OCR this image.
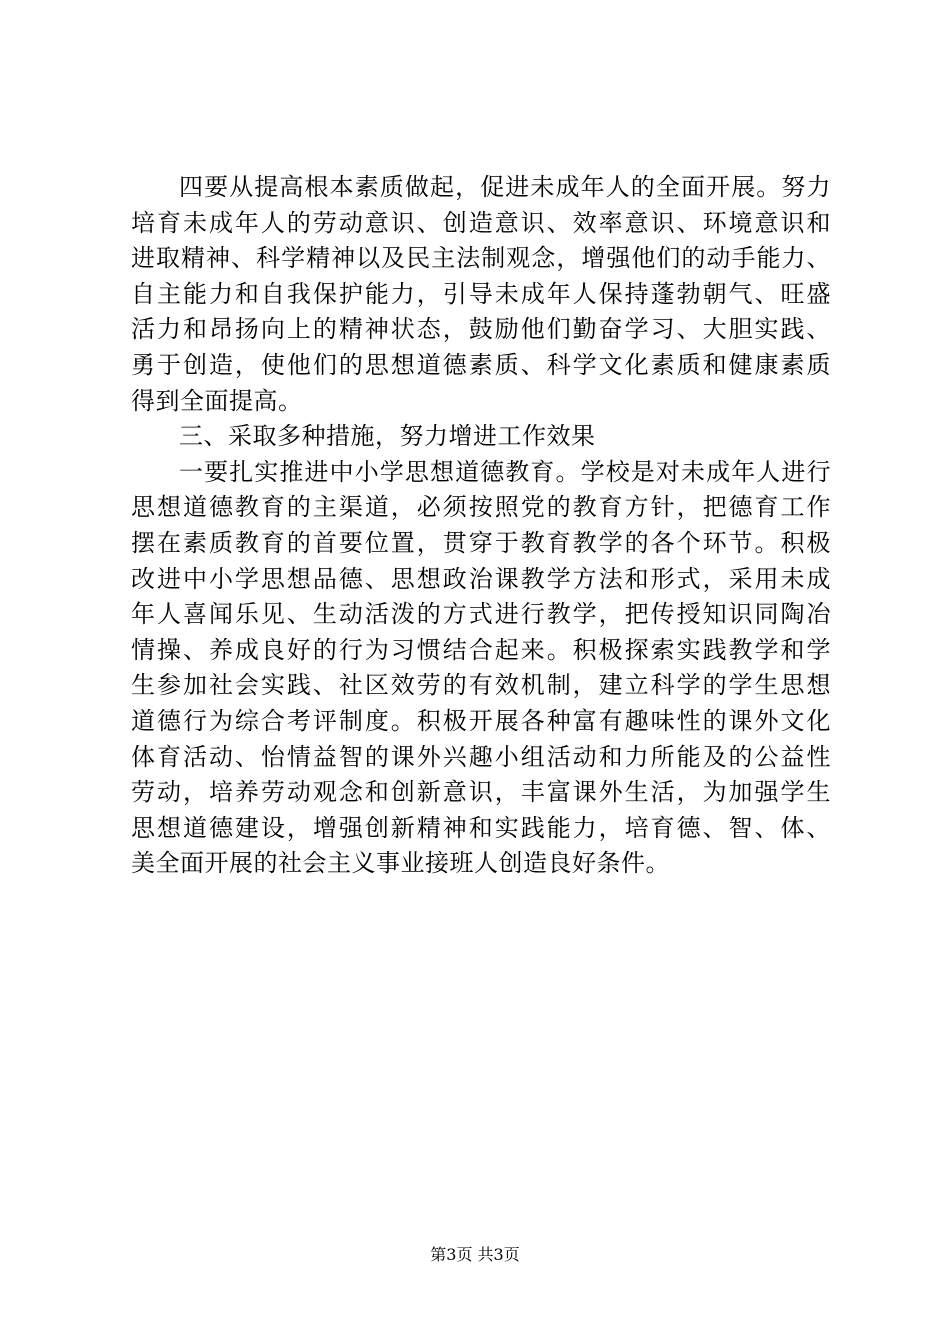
四要从提高根本素质做起，促进未成年人的全面开展。努力
培育未成年人的劳动意识、创造意识、效率意识、环境意识和
进取精神、科学精神以及民主法制观念，增强他们的动手能力、
自主能力和自我保护能力，引导未成年人保持蓬勃朝气、旺盛
活力和昂扬向上的精神状态，鼓励他们勤奋学习、大胆实践、
勇于创造，使他们的思想道德素质、科学文化素质和健康素质
得到全面提高。
三、采取多种措施，努力增进工作效果
一要扎实推进中小学思想道德教育。学校是对未成年人进行
思想道德教育的主渠道，必须按照党的教育方针，把德育工作
摆在素质教育的首要位置，贯穿于教育教学的各个环节。积极
改进中小学思想品德、思想政治课教学方法和形式，采用未成
年人喜闻乐见、生动活泼的方式进行教学，把传授知识同陶冶
情操、养成良好的行为习惯结合起来。积极探索实践教学和学
生参加社会实践、社区效劳的有效机制，建立科学的学生思想
道德行为综合考评制度。积极开展各种富有趣味性的课外文化
体育活动、怡情益智的课外兴趣小组活动和力所能及的公益性
劳动，培养劳动观念和创新意识，丰富课外生活，为加强学生
思想道德建设，增强创新精神和实践能力，培育德、智、体、
美全面开展的社会主义事业接班人创造良好条件。
第3页 共3页
